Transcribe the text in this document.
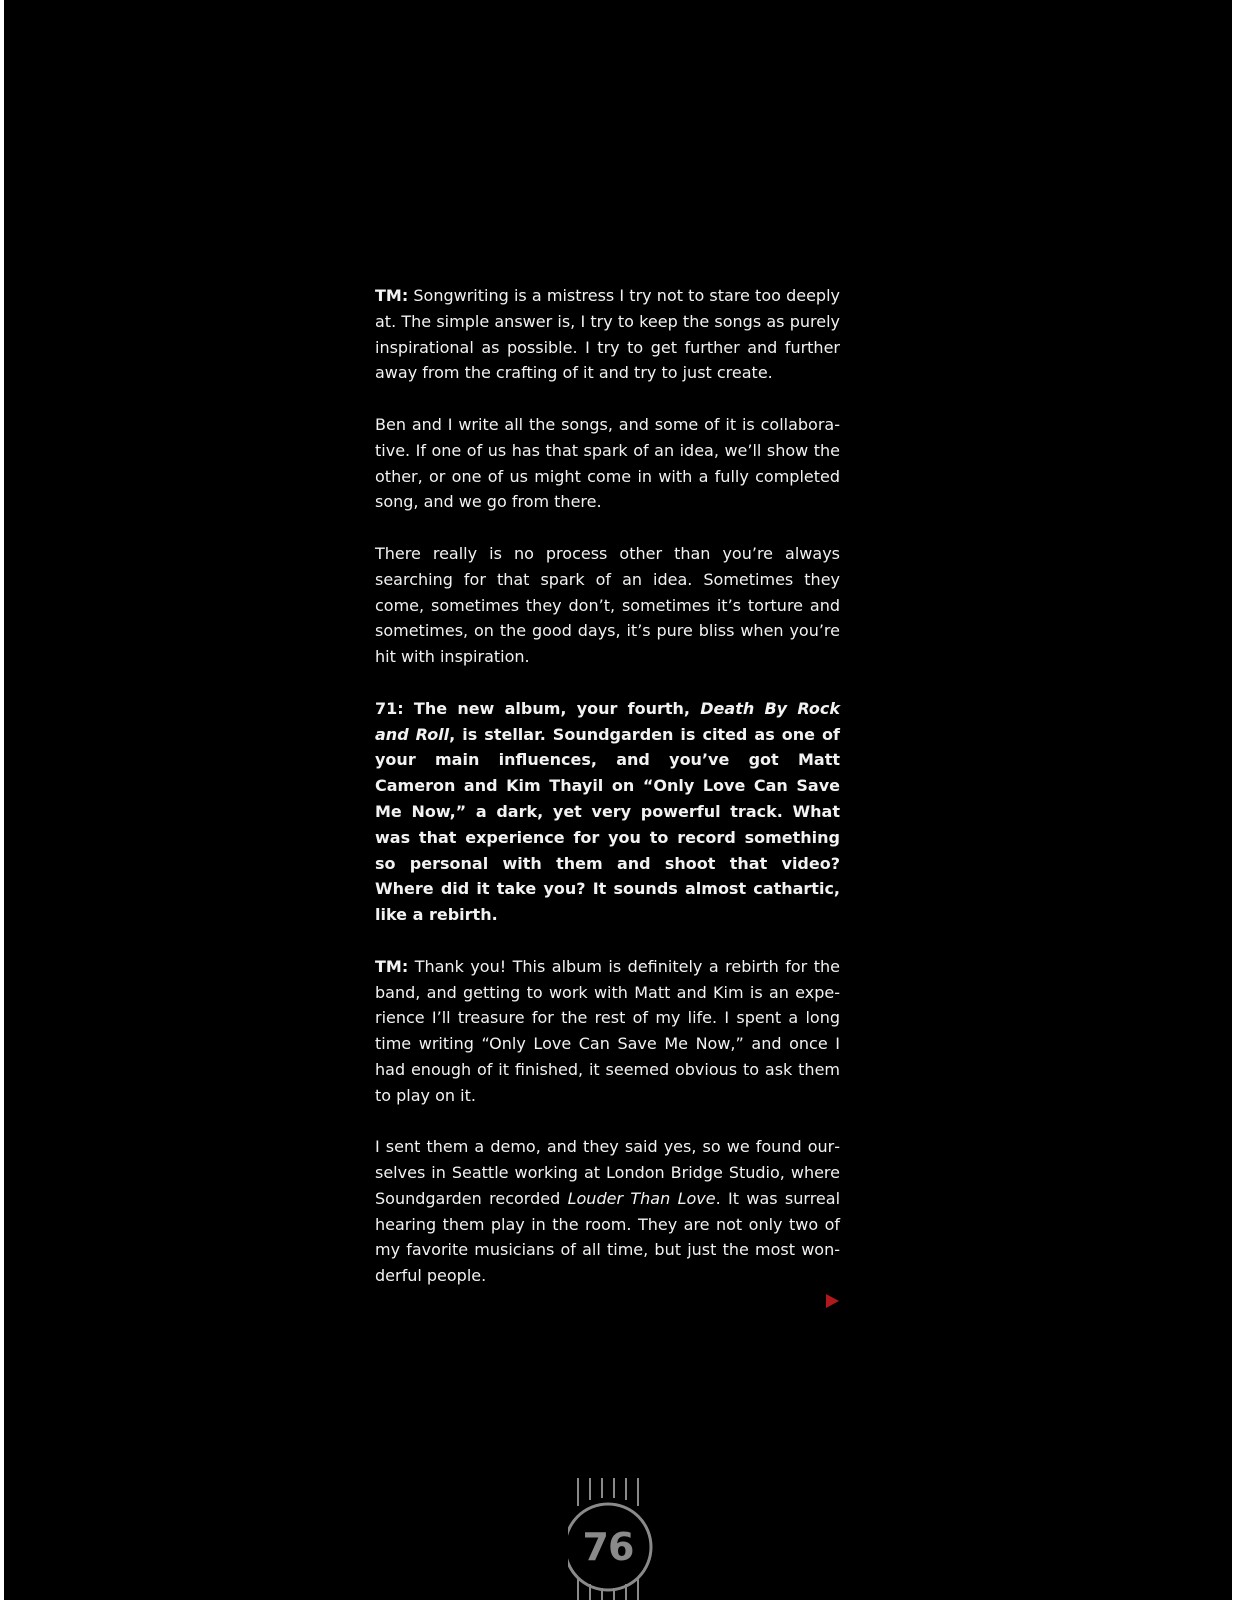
TM: Songwriting is a mistress I try not to stare too deeply at. The simple answer is, I try to keep the songs as purely inspirational as possible. I try to get further and further away from the crafting of it and try to just create.

Ben and I write all the songs, and some of it is collaborative. If one of us has that spark of an idea, we’ll show the other, or one of us might come in with a fully completed song, and we go from there.

There really is no process other than you’re always searching for that spark of an idea. Sometimes they come, sometimes they don’t, sometimes it’s torture and sometimes, on the good days, it’s pure bliss when you’re hit with inspiration.

71: The new album, your fourth, Death By Rock and Roll, is stellar. Soundgarden is cited as one of your main influences, and you’ve got Matt Cameron and Kim Thayil on “Only Love Can Save Me Now,” a dark, yet very powerful track. What was that experience for you to record something so personal with them and shoot that video? Where did it take you? It sounds almost cathartic, like a rebirth.

TM: Thank you! This album is definitely a rebirth for the band, and getting to work with Matt and Kim is an experience I’ll treasure for the rest of my life. I spent a long time writing “Only Love Can Save Me Now,” and once I had enough of it finished, it seemed obvious to ask them to play on it.

I sent them a demo, and they said yes, so we found ourselves in Seattle working at London Bridge Studio, where Soundgarden recorded Louder Than Love. It was surreal hearing them play in the room. They are not only two of my favorite musicians of all time, but just the most wonderful people.

76
